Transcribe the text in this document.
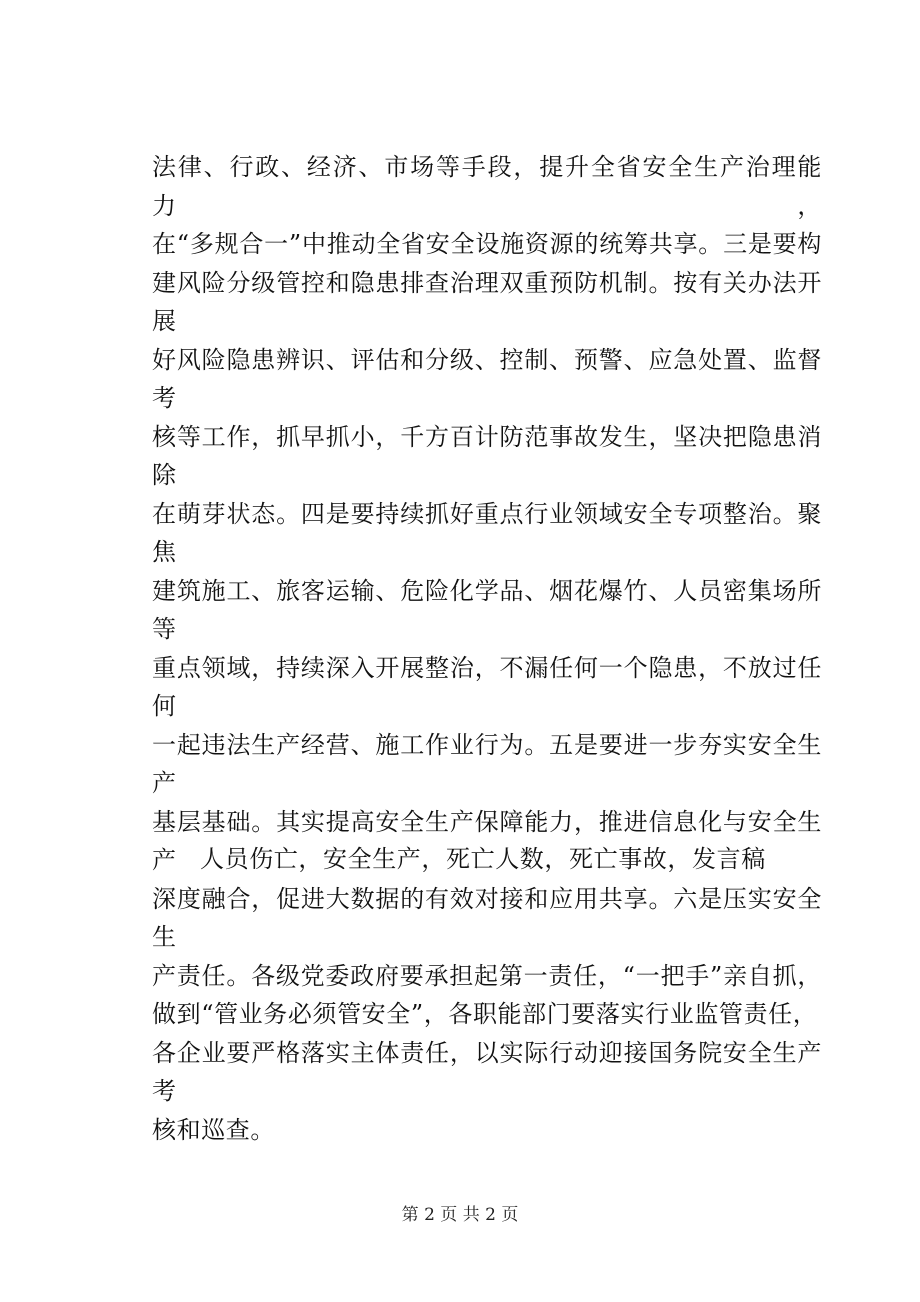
www.zixin.com.cn
法律、行政、经济、市场等手段，提升全省安全生产治理能力，
在“多规合一”中推动全省安全设施资源的统筹共享。三是要构
建风险分级管控和隐患排查治理双重预防机制。按有关办法开展
好风险隐患辨识、评估和分级、控制、预警、应急处置、监督考
核等工作，抓早抓小，千方百计防范事故发生，坚决把隐患消除
在萌芽状态。四是要持续抓好重点行业领域安全专项整治。聚焦
建筑施工、旅客运输、危险化学品、烟花爆竹、人员密集场所等
重点领域，持续深入开展整治，不漏任何一个隐患，不放过任何
一起违法生产经营、施工作业行为。五是要进一步夯实安全生产
基层基础。其实提高安全生产保障能力，推进信息化与安全生产
深度融合，促进大数据的有效对接和应用共享。六是压实安全生
产责任。各级党委政府要承担起第一责任，“一把手”亲自抓，
做到“管业务必须管安全”，各职能部门要落实行业监管责任，
各企业要严格落实主体责任，以实际行动迎接国务院安全生产考
核和巡查。
人员伤亡，安全生产，死亡人数，死亡事故，发言稿
第 2 页 共 2 页
